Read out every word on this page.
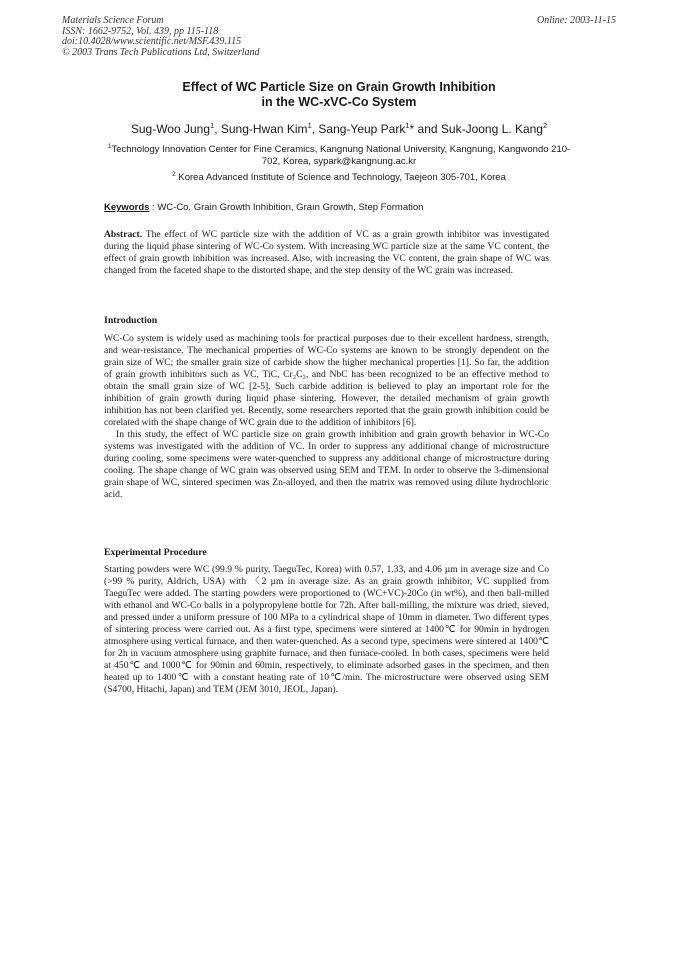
Materials Science Forum
ISSN: 1662-9752, Vol. 439, pp 115-118
doi:10.4028/www.scientific.net/MSF.439.115
© 2003 Trans Tech Publications Ltd, Switzerland
Online: 2003-11-15
Effect of WC Particle Size on Grain Growth Inhibition
in the WC-xVC-Co System
Sug-Woo Jung$^1$, Sung-Hwan Kim$^1$, Sang-Yeup Park$^1$* and Suk-Joong L. Kang$^2$
$^1$Technology Innovation Center for Fine Ceramics, Kangnung National University, Kangnung, Kangwondo 210-702, Korea, sypark@kangnung.ac.kr
$^2$ Korea Advanced Institute of Science and Technology, Taejeon 305-701, Korea
Keywords : WC-Co, Grain Growth Inhibition, Graın Growth, Step Formation

Abstract. The effect of WC particle size with the addition of VC as a grain growth inhibitor was investigated during the liquid phase sintering of WC-Co system. With increasing WC particle size at the same VC content, the effect of grain growth inhibition was increased. Also, with increasing the VC content, the grain shape of WC was changed from the faceted shape to the distorted shape, and the step density of the WC grain was increased.

Introduction

WC-Co system is widely used as machining tools for practical purposes due to their excellent hardness, strength, and wear-resistance. The mechanical properties of WC-Co systems are known to be strongly dependent on the grain size of WC; the smaller grain size of carbide show the higher mechanical properties [1]. So far, the addition of grain growth inhibitors such as VC, TiC, Cr₂C₃, and NbC has been recognized to be an effective method to obtain the small grain size of WC [2-5]. Such carbide addition is believed to play an important role for the inhibition of grain growth during liquid phase sintering. However, the detailed mechanism of grain growth inhibition has not been clarified yet. Recently, some researchers reported that the grain growth inhibition could be corelated with the shape change of WC grain due to the addition of inhibitors [6].

In this study, the effect of WC particle size on grain growth inhibition and grain growth behavior in WC-Co systems was investigated with the addition of VC. In order to suppress any additional change of microstructure during cooling, some specimens were water-quenched to suppress any additional change of microstructure during cooling. The shape change of WC grain was observed using SEM and TEM. In order to observe the 3-dimensional grain shape of WC, sintered specimen was Zn-alloyed, and then the matrix was removed using dilute hydrochloric acid.

Experimental Procedure

Starting powders were WC (99.9 % purity, TaeguTec, Korea) with 0.57, 1.33, and 4.06 µm in average size and Co (>99 % purity, Aldrich, USA) with 〈2 µm in average size. As an grain growth inhibitor, VC supplied from TaeguTec were added. The starting powders were proportioned to (WC+VC)-20Co (in wt%), and then ball-milled with ethanol and WC-Co balls in a polypropylene bottle for 72h. After ball-milling, the mixture was dried, sieved, and pressed under a uniform pressure of 100 MPa to a cylindrical shape of 10mm in diameter. Two different types of sintering process were carried out. As a first type, specimens were sintered at 1400℃ for 90min in hydrogen atmosphere using vertical furnace, and then water-quenched. As a second type, specimens were sintered at 1400℃ for 2h in vacuum atmosphere using graphite furnace, and then furnace-cooled. In both cases, specimens were held at 450℃ and 1000℃ for 90min and 60min, respectively, to eliminate adsorbed gases in the specimen, and then heated up to 1400℃ with a constant heating rate of 10℃/min. The microstructure were observed using SEM (S4700, Hitachi, Japan) and TEM (JEM 3010, JEOL, Japan).
